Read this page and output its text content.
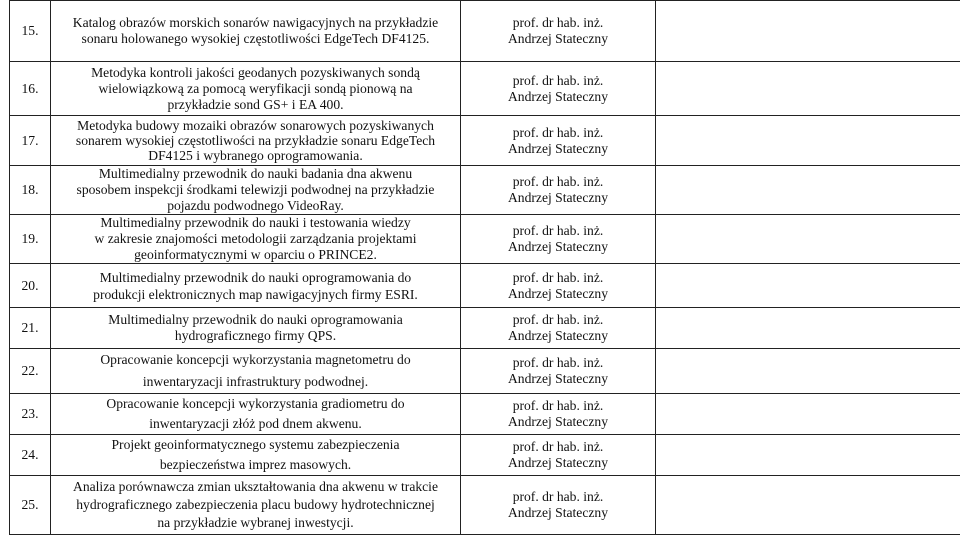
15.	Katalog obrazów morskich sonarów nawigacyjnych na przykładzie
sonaru holowanego wysokiej częstotliwości EdgeTech DF4125.	prof. dr hab. inż.
Andrzej Stateczny	

16.	Metodyka kontroli jakości geodanych pozyskiwanych sondą
wielowiązkową za pomocą weryfikacji sondą pionową na
przykładzie sond GS+ i EA 400.	prof. dr hab. inż.
Andrzej Stateczny	

17.	Metodyka budowy mozaiki obrazów sonarowych pozyskiwanych
sonarem wysokiej częstotliwości na przykładzie sonaru EdgeTech
DF4125 i wybranego oprogramowania.	prof. dr hab. inż.
Andrzej Stateczny	

18.	Multimedialny przewodnik do nauki badania dna akwenu
sposobem inspekcji środkami telewizji podwodnej na przykładzie
pojazdu podwodnego VideoRay.	prof. dr hab. inż.
Andrzej Stateczny	

19.	Multimedialny przewodnik do nauki i testowania wiedzy
w zakresie znajomości metodologii zarządzania projektami
geoinformatycznymi w oparciu o PRINCE2.	prof. dr hab. inż.
Andrzej Stateczny	

20.	Multimedialny przewodnik do nauki oprogramowania do
produkcji elektronicznych map nawigacyjnych firmy ESRI.	prof. dr hab. inż.
Andrzej Stateczny	

21.	Multimedialny przewodnik do nauki oprogramowania
hydrograficznego firmy QPS.	prof. dr hab. inż.
Andrzej Stateczny	

22.	Opracowanie koncepcji wykorzystania magnetometru do
inwentaryzacji infrastruktury podwodnej.	prof. dr hab. inż.
Andrzej Stateczny	

23.	Opracowanie koncepcji wykorzystania gradiometru do
inwentaryzacji złóż pod dnem akwenu.	prof. dr hab. inż.
Andrzej Stateczny	

24.	Projekt geoinformatycznego systemu zabezpieczenia
bezpieczeństwa imprez masowych.	prof. dr hab. inż.
Andrzej Stateczny	

25.	Analiza porównawcza zmian ukształtowania dna akwenu w trakcie
hydrograficznego zabezpieczenia placu budowy hydrotechnicznej
na przykładzie wybranej inwestycji.	prof. dr hab. inż.
Andrzej Stateczny	
